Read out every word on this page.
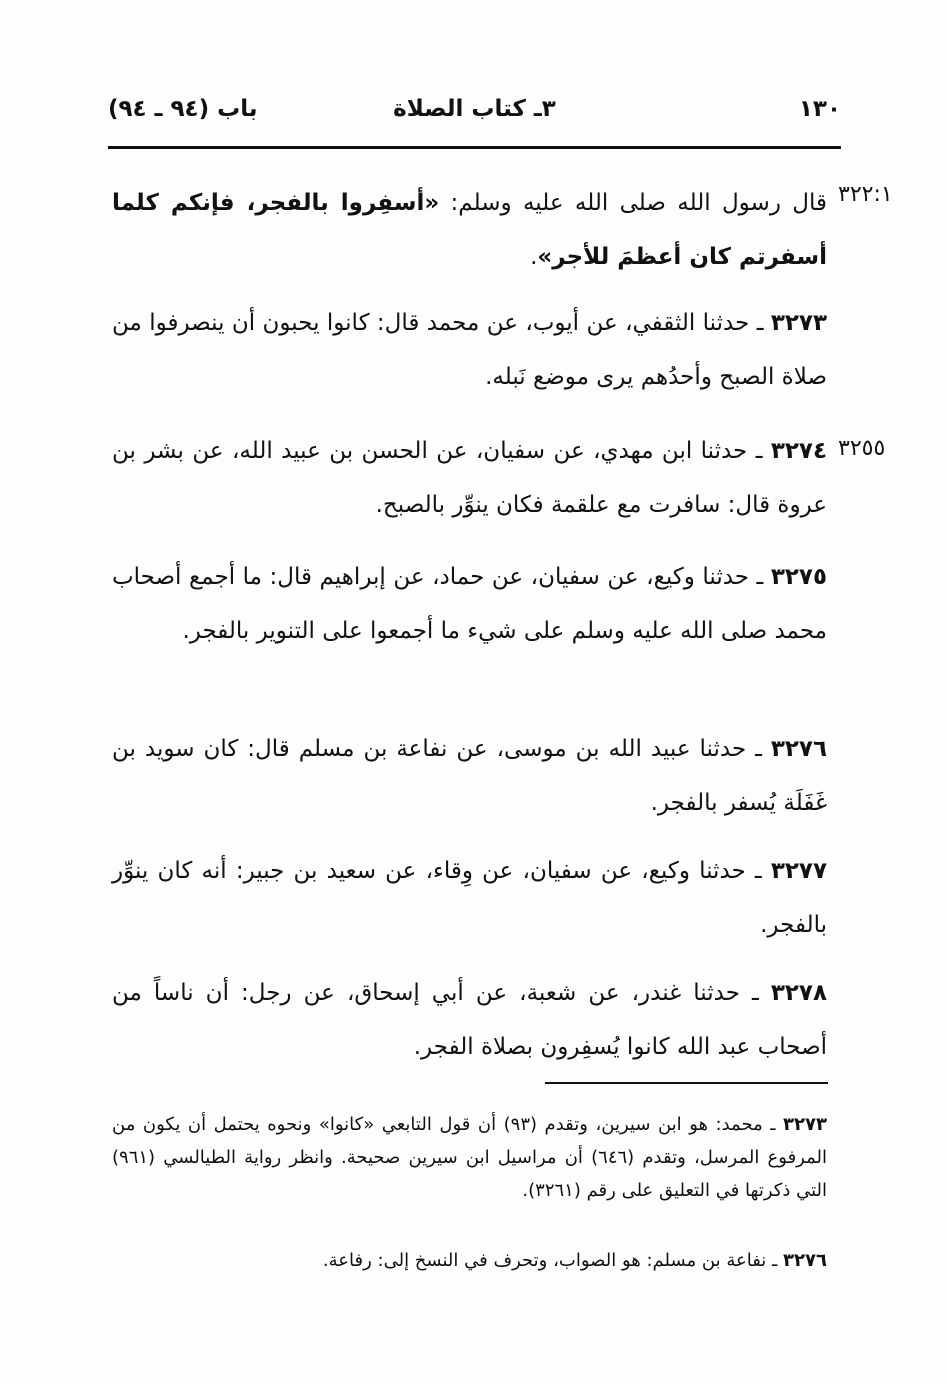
١٣٠
٣ـ كتاب الصلاة
باب (٩٤ ـ ٩٤)
٣٢٢:١
٣٢٥٥
قال رسول الله صلى الله عليه وسلم: «أسفِروا بالفجر، فإنكم كلما أسفرتم كان أعظمَ للأجر».
٣٢٧٣ ـ حدثنا الثقفي، عن أيوب، عن محمد قال: كانوا يحبون أن ينصرفوا من صلاة الصبح وأحدُهم يرى موضع نَبله.
٣٢٧٤ ـ حدثنا ابن مهدي، عن سفيان، عن الحسن بن عبيد الله، عن بشر بن عروة قال: سافرت مع علقمة فكان ينوِّر بالصبح.
٣٢٧٥ ـ حدثنا وكيع، عن سفيان، عن حماد، عن إبراهيم قال: ما أجمع أصحاب محمد صلى الله عليه وسلم على شيء ما أجمعوا على التنوير بالفجر.
٣٢٧٦ ـ حدثنا عبيد الله بن موسى، عن نفاعة بن مسلم قال: كان سويد بن غَفَلَة يُسفر بالفجر.
٣٢٧٧ ـ حدثنا وكيع، عن سفيان، عن وِقاء، عن سعيد بن جبير: أنه كان ينوِّر بالفجر.
٣٢٧٨ ـ حدثنا غندر، عن شعبة، عن أبي إسحاق، عن رجل: أن ناساً من أصحاب عبد الله كانوا يُسفِرون بصلاة الفجر.
٣٢٧٣ ـ محمد: هو ابن سيرين، وتقدم (٩٣) أن قول التابعي «كانوا» ونحوه يحتمل أن يكون من المرفوع المرسل، وتقدم (٦٤٦) أن مراسيل ابن سيرين صحيحة. وانظر رواية الطيالسي (٩٦١) التي ذكرتها في التعليق على رقم (٣٢٦١).
٣٢٧٦ ـ نفاعة بن مسلم: هو الصواب، وتحرف في النسخ إلى: رفاعة.
